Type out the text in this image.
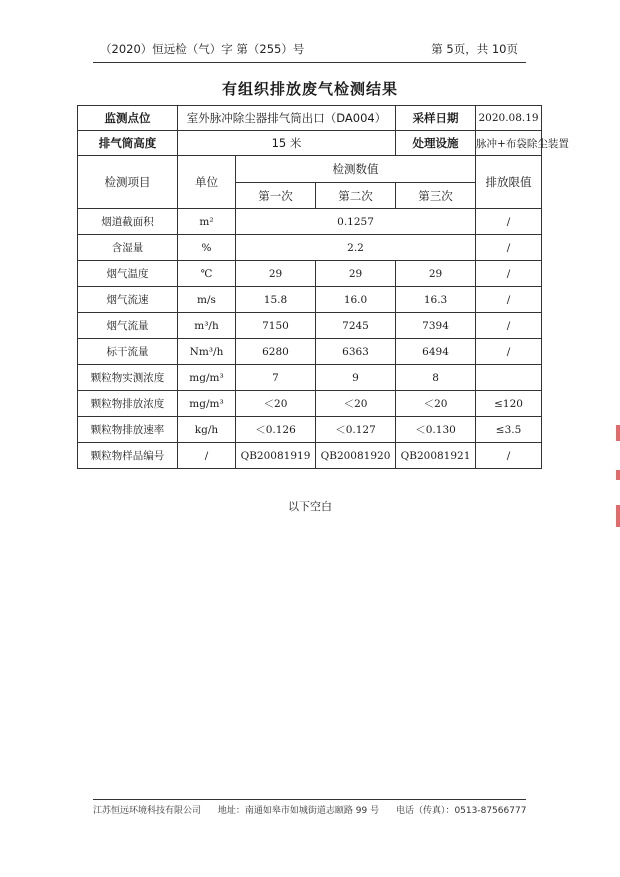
（2020）恒远检（气）字 第（255）号	第 5页，共 10页
有组织排放废气检测结果
监测点位	室外脉冲除尘器排气筒出口（DA004）			采样日期	2020.08.19
排气筒高度	15 米			处理设施	脉冲+布袋除尘装置
检测项目	单位	检测数值			排放限值
		第一次	第二次	第三次	
烟道截面积	m²	0.1257			/
含湿量	%	2.2			/
烟气温度	℃	29	29	29	/
烟气流速	m/s	15.8	16.0	16.3	/
烟气流量	m³/h	7150	7245	7394	/
标干流量	Nm³/h	6280	6363	6494	/
颗粒物实测浓度	mg/m³	7	9	8	
颗粒物排放浓度	mg/m³	＜20	＜20	＜20	≤120
颗粒物排放速率	kg/h	＜0.126	＜0.127	＜0.130	≤3.5
颗粒物样品编号	/	QB20081919	QB20081920	QB20081921	/
以下空白
江苏恒远环境科技有限公司 地址：南通如皋市如城街道志颐路 99 号 电话（传真）：0513-87566777
